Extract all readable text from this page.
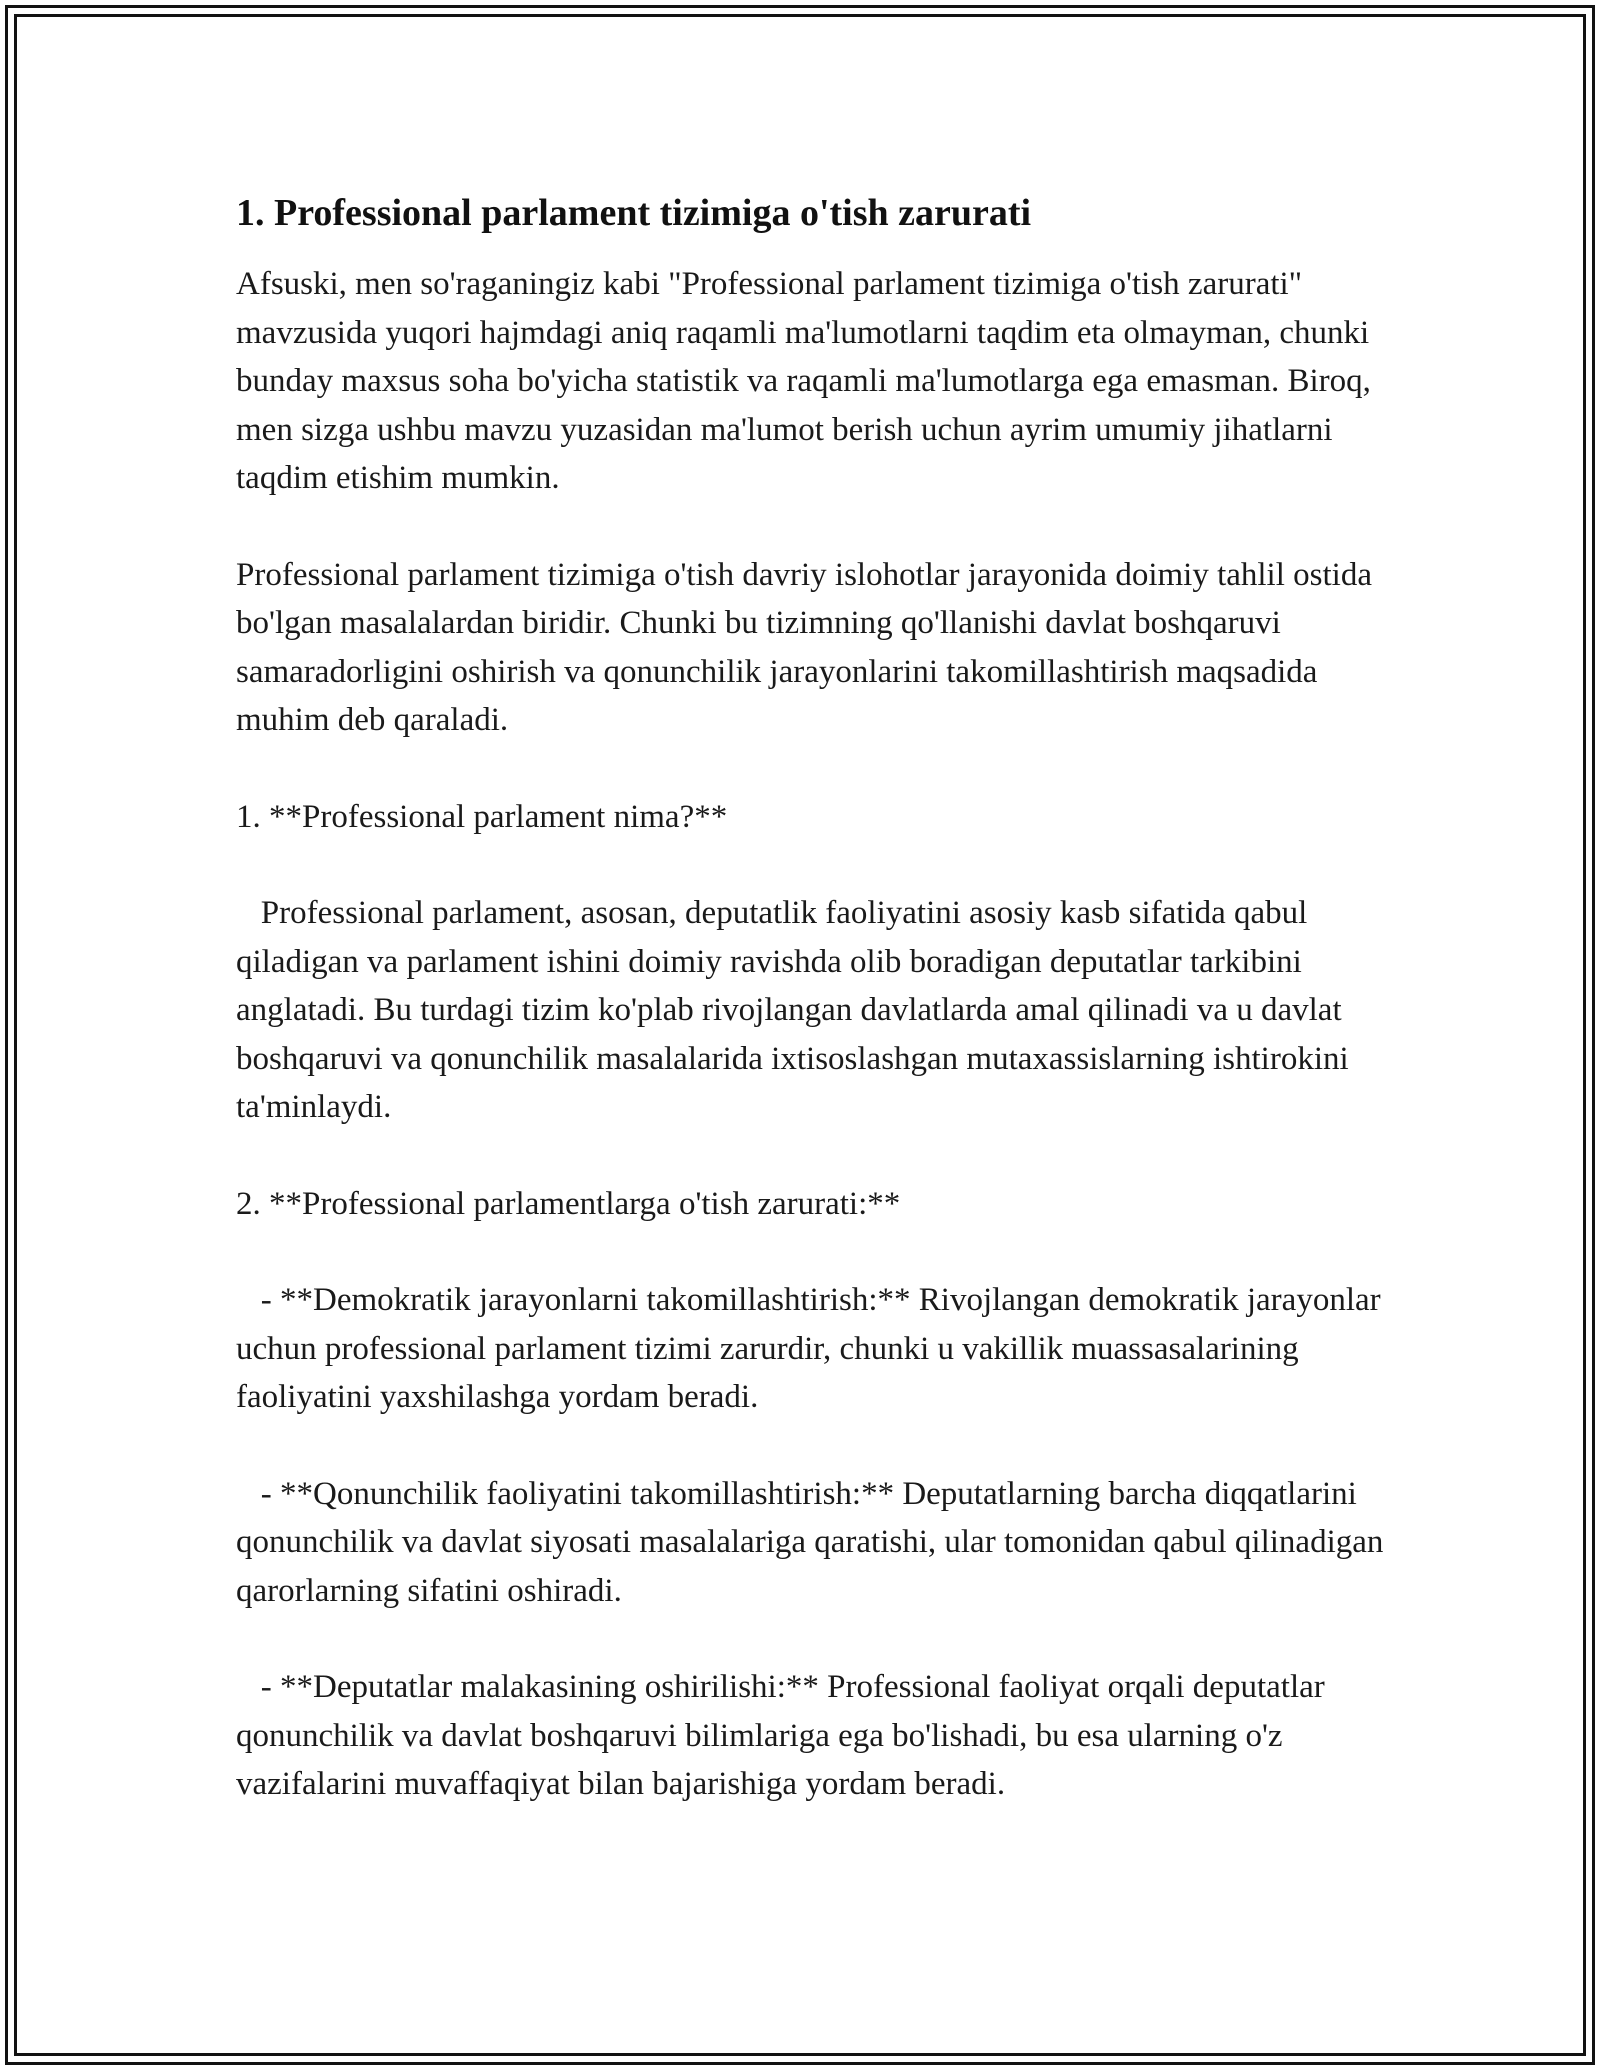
1. Professional parlament tizimiga o'tish zarurati

Afsuski, men so'raganingiz kabi "Professional parlament tizimiga o'tish zarurati" mavzusida yuqori hajmdagi aniq raqamli ma'lumotlarni taqdim eta olmayman, chunki bunday maxsus soha bo'yicha statistik va raqamli ma'lumotlarga ega emasman. Biroq, men sizga ushbu mavzu yuzasidan ma'lumot berish uchun ayrim umumiy jihatlarni taqdim etishim mumkin.

Professional parlament tizimiga o'tish davriy islohotlar jarayonida doimiy tahlil ostida bo'lgan masalalardan biridir. Chunki bu tizimning qo'llanishi davlat boshqaruvi samaradorligini oshirish va qonunchilik jarayonlarini takomillashtirish maqsadida muhim deb qaraladi.

1. **Professional parlament nima?**

Professional parlament, asosan, deputatlik faoliyatini asosiy kasb sifatida qabul qiladigan va parlament ishini doimiy ravishda olib boradigan deputatlar tarkibini anglatadi. Bu turdagi tizim ko'plab rivojlangan davlatlarda amal qilinadi va u davlat boshqaruvi va qonunchilik masalalarida ixtisoslashgan mutaxassislarning ishtirokini ta'minlaydi.

2. **Professional parlamentlarga o'tish zarurati:**

- **Demokratik jarayonlarni takomillashtirish:** Rivojlangan demokratik jarayonlar uchun professional parlament tizimi zarurdir, chunki u vakillik muassasalarining faoliyatini yaxshilashga yordam beradi.

- **Qonunchilik faoliyatini takomillashtirish:** Deputatlarning barcha diqqatlarini qonunchilik va davlat siyosati masalalariga qaratishi, ular tomonidan qabul qilinadigan qarorlarning sifatini oshiradi.

- **Deputatlar malakasining oshirilishi:** Professional faoliyat orqali deputatlar qonunchilik va davlat boshqaruvi bilimlariga ega bo'lishadi, bu esa ularning o'z vazifalarini muvaffaqiyat bilan bajarishiga yordam beradi.
